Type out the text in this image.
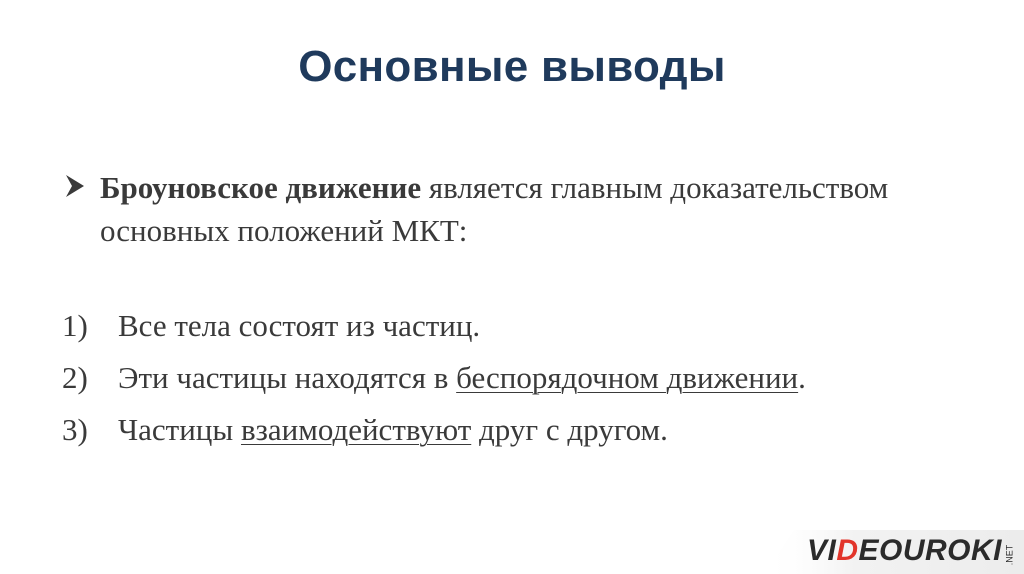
Основные выводы
Броуновское движение является главным доказательством основных положений МКТ:
1) Все тела состоят из частиц.
2) Эти частицы находятся в беспорядочном движении.
3) Частицы взаимодействуют друг с другом.
VIDEOUROKI .NET
